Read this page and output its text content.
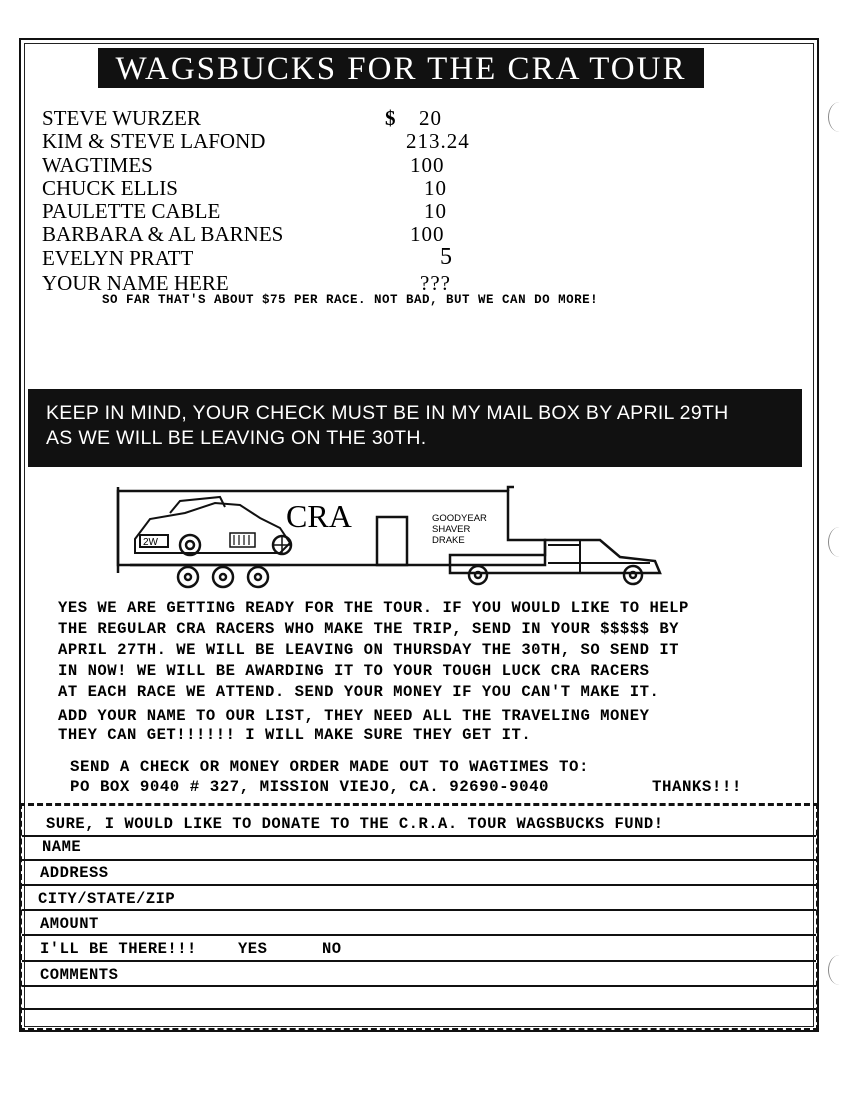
WAGSBUCKS FOR THE CRA TOUR
STEVE WURZER	$ 20
KIM & STEVE LAFOND	213.24
WAGTIMES	100
CHUCK ELLIS	10
PAULETTE CABLE	10
BARBARA & AL BARNES	100
EVELYN PRATT	5
YOUR NAME HERE	???
SO FAR THAT'S ABOUT $75 PER RACE. NOT BAD, BUT WE CAN DO MORE!
KEEP IN MIND, YOUR CHECK MUST BE IN MY MAIL BOX BY APRIL 29TH
AS WE WILL BE LEAVING ON THE 30TH.
CRA	GOODYEAR
SHAVER
DRAKE
2W
YES WE ARE GETTING READY FOR THE TOUR. IF YOU WOULD LIKE TO HELP
THE REGULAR CRA RACERS WHO MAKE THE TRIP, SEND IN YOUR $$$$$ BY
APRIL 27TH. WE WILL BE LEAVING ON THURSDAY THE 30TH, SO SEND IT
IN NOW! WE WILL BE AWARDING IT TO YOUR TOUGH LUCK CRA RACERS
AT EACH RACE WE ATTEND. SEND YOUR MONEY IF YOU CAN'T MAKE IT.
ADD YOUR NAME TO OUR LIST, THEY NEED ALL THE TRAVELING MONEY
THEY CAN GET!!!!!! I WILL MAKE SURE THEY GET IT.
SEND A CHECK OR MONEY ORDER MADE OUT TO WAGTIMES TO:
PO BOX 9040 # 327, MISSION VIEJO, CA. 92690-9040	THANKS!!!
SURE, I WOULD LIKE TO DONATE TO THE C.R.A. TOUR WAGSBUCKS FUND!
NAME
ADDRESS
CITY/STATE/ZIP
AMOUNT
I'LL BE THERE!!!	YES	NO
COMMENTS
